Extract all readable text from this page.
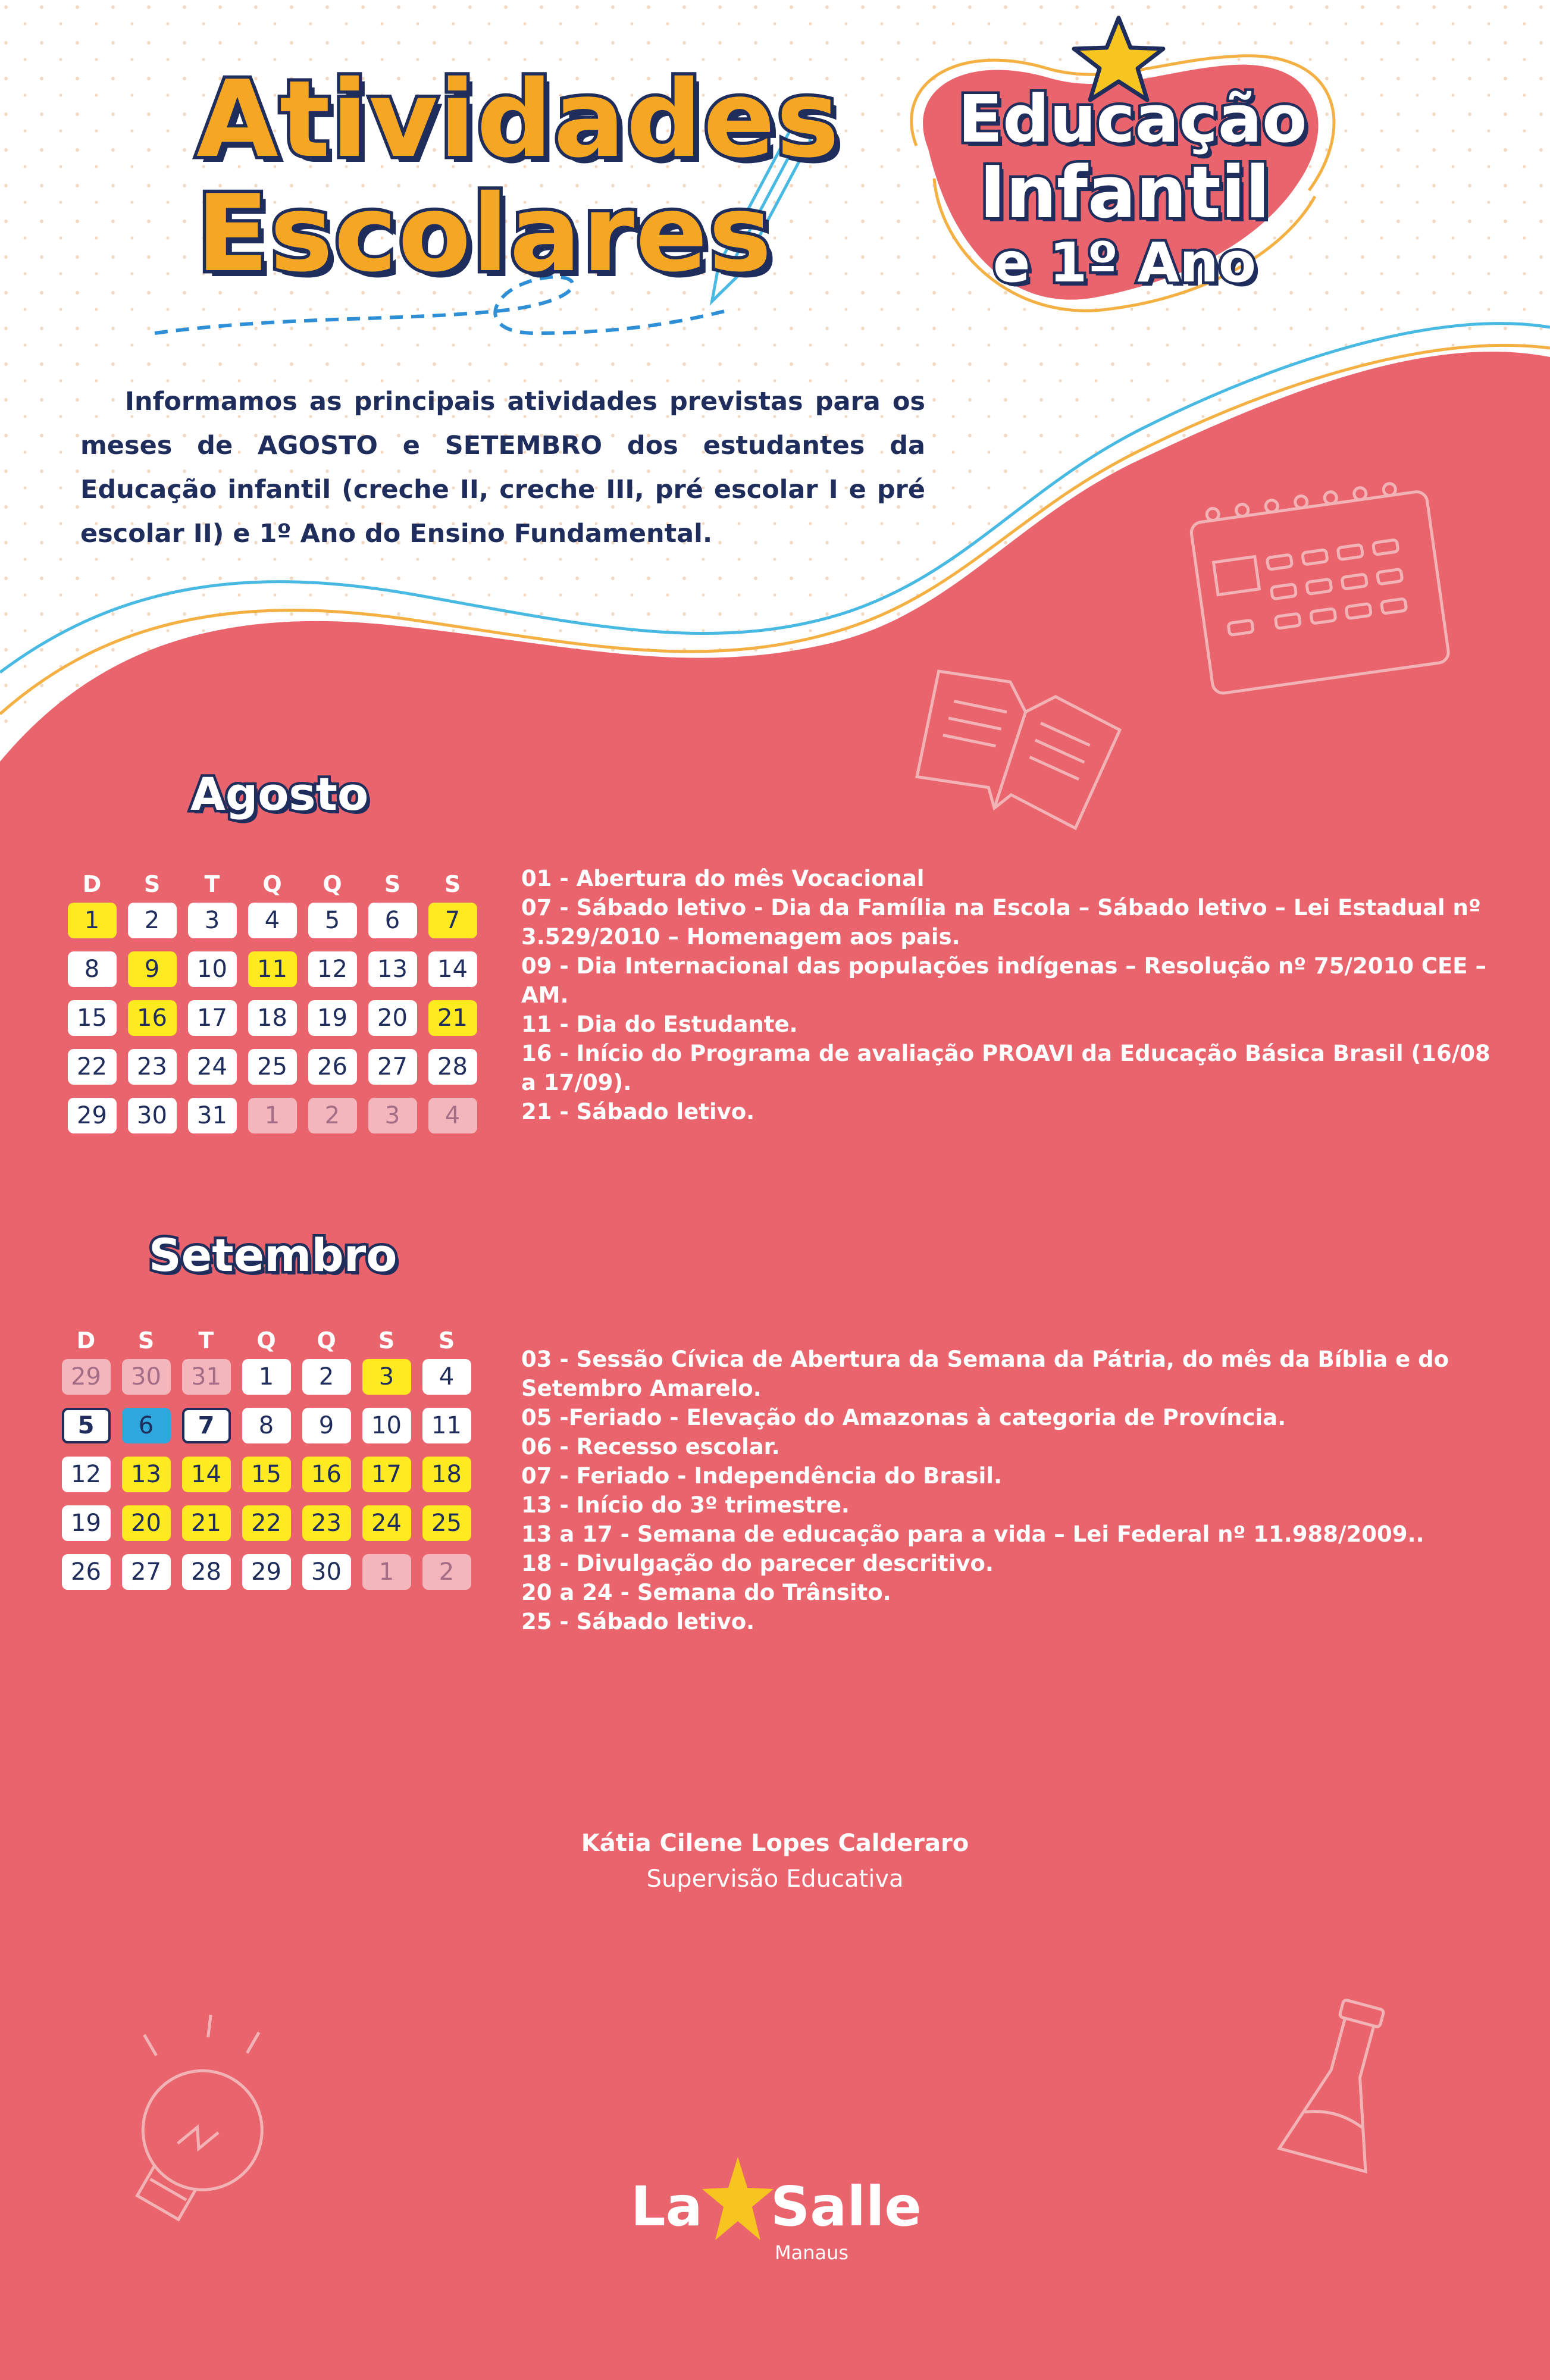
Atividades
Escolares
Educação
Infantil
e 1º Ano
Informamos as principais atividades previstas para os meses de AGOSTO e SETEMBRO dos estudantes da Educação infantil (creche II, creche III, pré escolar I e pré escolar II) e 1º Ano do Ensino Fundamental.
Agosto
D	S	T	Q	Q	S	S
1	2	3	4	5	6	7
8	9	10	11	12	13	14
15	16	17	18	19	20	21
22	23	24	25	26	27	28
29	30	31	1	2	3	4
01 - Abertura do mês Vocacional
07 - Sábado letivo - Dia da Família na Escola – Sábado letivo – Lei Estadual nº 3.529/2010 – Homenagem aos pais.
09 - Dia Internacional das populações indígenas – Resolução nº 75/2010 CEE – AM.
11 - Dia do Estudante.
16 - Início do Programa de avaliação PROAVI da Educação Básica Brasil (16/08 a 17/09).
21 - Sábado letivo.
Setembro
D	S	T	Q	Q	S	S
29	30	31	1	2	3	4
5	6	7	8	9	10	11
12	13	14	15	16	17	18
19	20	21	22	23	24	25
26	27	28	29	30	1	2
03 - Sessão Cívica de Abertura da Semana da Pátria, do mês da Bíblia e do Setembro Amarelo.
05 -Feriado - Elevação do Amazonas à categoria de Província.
06 - Recesso escolar.
07 - Feriado - Independência do Brasil.
13 - Início do 3º trimestre.
13 a 17 - Semana de educação para a vida – Lei Federal nº 11.988/2009..
18 - Divulgação do parecer descritivo.
20 a 24 - Semana do Trânsito.
25 - Sábado letivo.
Kátia Cilene Lopes Calderaro
Supervisão Educativa
La Salle
Manaus
